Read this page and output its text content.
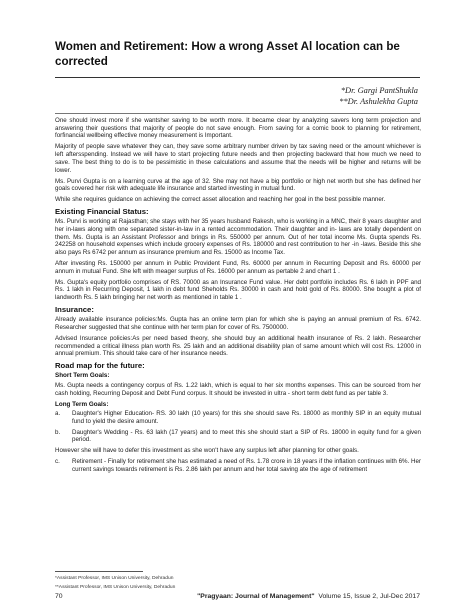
Women and Retirement: How a wrong Asset Al location can be corrected
*Dr. Gargi PantShukla
**Dr. Ashulekha Gupta

One should invest more if she wantsher saving to be worth more. It became clear by analyzing savers long term projection and answering their questions that majority of people do not save enough. From saving for a comic book to planning for retirement, forfinancial wellbeing effective money measurement is Important.

Majority of people save whatever they can, they save some arbitrary number driven by tax saving need or the amount whichever is left aftersspending. Instead we will have to start projecting future needs and then projecting backward that how much we need to save. The best thing to do is to be pessimistic in these calculations and assume that the needs will be higher and returns will be lower.

Ms. Purvi Gupta is on a learning curve at the age of 32. She may not have a big portfolio or high net worth but she has defined her goals covered her risk with adequate life insurance and started investing in mutual fund.

While she requires guidance on achieving the correct asset allocation and reaching her goal in the best possible manner.

Existing Financial Status:

Ms. Purvi is working at Rajasthan; she stays with her 35 years husband Rakesh, who is working in a MNC, their 8 years daughter and her in-laws along with one separated sister-in-law in a rented accommodation. Their daughter and in- laws are totally dependent on them. Ms. Gupta is an Assistant Professor and brings in Rs. 550000 per annum. Out of her total income Ms. Gupta spends Rs. 242258 on household expenses which include grocery expenses of Rs. 180000 and rest contribution to her -in -laws. Beside this she also pays Rs 6742 per annum as insurance premium and Rs. 15000 as Income Tax.

After investing Rs. 150000 per annum in Public Provident Fund, Rs. 60000 per annum in Recurring Deposit and Rs. 60000 per annum in mutual Fund. She left with meager surplus of Rs. 16000 per annum as pertable 2 and chart 1 .

Ms. Gupta's equity portfolio comprises of RS. 70000 as an Insurance Fund value. Her debt portfolio includes Rs. 6 lakh in PPF and Rs. 1 lakh in Recurring Deposit, 1 lakh in debt fund Sheholds Rs. 30000 in cash and hold gold of Rs. 80000. She bought a plot of landworth Rs. 5 lakh bringing her net worth as mentioned in table 1 .

Insurance:

Already available insurance policies:Ms. Gupta has an online term plan for which she is paying an annual premium of Rs. 6742. Researcher suggested that she continue with her term plan for cover of Rs. 7500000.

Advised Insurance policies:As per need based theory, she should buy an additional health insurance of Rs. 2 lakh. Researcher recommended a critical illness plan worth Rs. 25 lakh and an additional disability plan of same amount which will cost Rs. 12000 in annual premium. This should take care of her insurance needs.

Road map for the future:
Short Term Goals:

Ms. Gupta needs a contingency corpus of Rs. 1.22 lakh, which is equal to her six months expenses. This can be sourced from her cash holding, Recurring Deposit and Debt Fund corpus. It should be invested in ultra - short term debt fund as per table 3.

Long Term Goals:
a.	Daughter's Higher Education- RS. 30 lakh (10 years) for this she should save Rs. 18000 as monthly SIP in an equity mutual fund to yield the desire amount.
b.	Daughter's Wedding - Rs. 63 lakh (17 years) and to meet this she should start a SIP of Rs. 18000 in equity fund for a given period.

However she will have to defer this investment as she won't have any surplus left after planning for other goals.

c.	Retirement - Finally for retirement she has estimated a need of Rs. 1.78 crore in 18 years if the inflation continues with 6%. Her current savings towards retirement is Rs. 2.86 lakh per annum and her total saving ate the age of retirement
*Assistant Professor, IMS Unison University, Dehradun
**Assistant Professor, IMS Unison University, Dehradun
70	"Pragyaan: Journal of Management" Volume 15, Issue 2, Jul-Dec 2017
